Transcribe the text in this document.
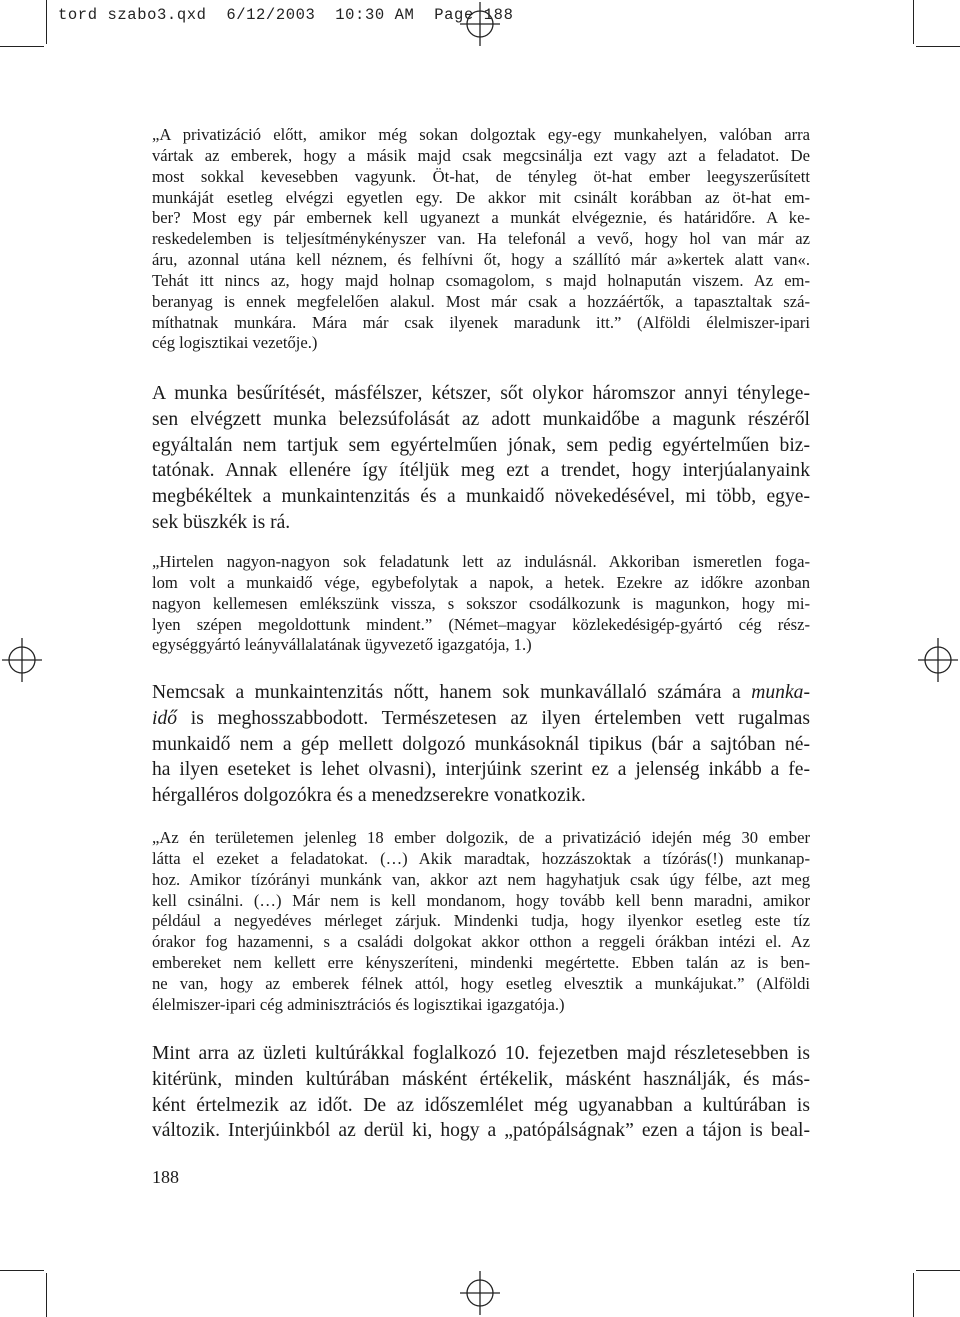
tord szabo3.qxd  6/12/2003  10:30 AM  Page 188

„A privatizáció előtt, amikor még sokan dolgoztak egy-egy munkahelyen, valóban arra

vártak az emberek, hogy a másik majd csak megcsinálja ezt vagy azt a feladatot. De

most sokkal kevesebben vagyunk. Öt-hat, de tényleg öt-hat ember leegyszerűsített

munkáját esetleg elvégzi egyetlen egy. De akkor mit csinált korábban az öt-hat em-

ber? Most egy pár embernek kell ugyanezt a munkát elvégeznie, és határidőre. A ke-

reskedelemben is teljesítménykényszer van. Ha telefonál a vevő, hogy hol van már az

áru, azonnal utána kell néznem, és felhívni őt, hogy a szállító már a»kertek alatt van«.

Tehát itt nincs az, hogy majd holnap csomagolom, s majd holnapután viszem. Az em-

beranyag is ennek megfelelően alakul. Most már csak a hozzáértők, a tapasztaltak szá-

míthatnak munkára. Mára már csak ilyenek maradunk itt.” (Alföldi élelmiszer-ipari

cég logisztikai vezetője.)

A munka besűrítését, másfélszer, kétszer, sőt olykor háromszor annyi ténylege-

sen elvégzett munka belezsúfolását az adott munkaidőbe a magunk részéről

egyáltalán nem tartjuk sem egyértelműen jónak, sem pedig egyértelműen biz-

tatónak. Annak ellenére így ítéljük meg ezt a trendet, hogy interjúalanyaink

megbékéltek a munkaintenzitás és a munkaidő növekedésével, mi több, egye-

sek büszkék is rá.

„Hirtelen nagyon-nagyon sok feladatunk lett az indulásnál. Akkoriban ismeretlen foga-

lom volt a munkaidő vége, egybefolytak a napok, a hetek. Ezekre az időkre azonban

nagyon kellemesen emlékszünk vissza, s sokszor csodálkozunk is magunkon, hogy mi-

lyen szépen megoldottunk mindent.” (Német–magyar közlekedésigép-gyártó cég rész-

egységgyártó leányvállalatának ügyvezető igazgatója, 1.)

Nemcsak a munkaintenzitás nőtt, hanem sok munkavállaló számára a munka-

idő is meghosszabbodott. Természetesen az ilyen értelemben vett rugalmas

munkaidő nem a gép mellett dolgozó munkásoknál tipikus (bár a sajtóban né-

ha ilyen eseteket is lehet olvasni), interjúink szerint ez a jelenség inkább a fe-

hérgalléros dolgozókra és a menedzserekre vonatkozik.

„Az én területemen jelenleg 18 ember dolgozik, de a privatizáció idején még 30 ember

látta el ezeket a feladatokat. (…) Akik maradtak, hozzászoktak a tízórás(!) munkanap-

hoz. Amikor tízórányi munkánk van, akkor azt nem hagyhatjuk csak úgy félbe, azt meg

kell csinálni. (…) Már nem is kell mondanom, hogy tovább kell benn maradni, amikor

például a negyedéves mérleget zárjuk. Mindenki tudja, hogy ilyenkor esetleg este tíz

órakor fog hazamenni, s a családi dolgokat akkor otthon a reggeli órákban intézi el. Az

embereket nem kellett erre kényszeríteni, mindenki megértette. Ebben talán az is ben-

ne van, hogy az emberek félnek attól, hogy esetleg elvesztik a munkájukat.” (Alföldi

élelmiszer-ipari cég adminisztrációs és logisztikai igazgatója.)

Mint arra az üzleti kultúrákkal foglalkozó 10. fejezetben majd részletesebben is

kitérünk, minden kultúrában másként értékelik, másként használják, és más-

ként értelmezik az időt. De az időszemlélet még ugyanabban a kultúrában is

változik. Interjúinkból az derül ki, hogy a „patópálságnak” ezen a tájon is beal-

188
